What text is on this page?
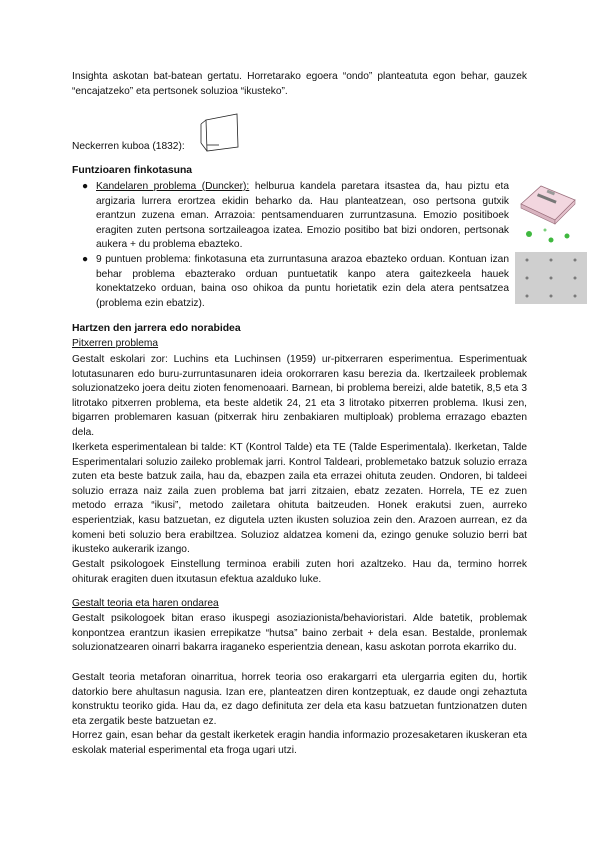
Insighta askotan bat-batean gertatu. Horretarako egoera “ondo” planteatuta egon behar, gauzek “encajatzeko” eta pertsonek soluzioa “ikusteko”.

Neckerren kuboa (1832):

Funtzioaren finkotasuna

● Kandelaren problema (Duncker): helburua kandela paretara itsastea da, hau piztu eta argizaria lurrera erortzea ekidin beharko da. Hau planteatzean, oso pertsona gutxik erantzun zuzena eman. Arrazoia: pentsamenduaren zurruntzasuna. Emozio positiboek eragiten zuten pertsona sortzaileagoa izatea. Emozio positibo bat bizi ondoren, pertsonak aukera + du problema ebazteko.
● 9 puntuen problema: finkotasuna eta zurruntasuna arazoa ebazteko orduan. Kontuan izan behar problema ebazterako orduan puntuetatik kanpo atera gaitezkeela hauek konektatzeko orduan, baina oso ohikoa da puntu horietatik ezin dela atera pentsatzea (problema ezin ebatziz).

Hartzen den jarrera edo norabidea

Pitxerren problema

Gestalt eskolari zor: Luchins eta Luchinsen (1959) ur-pitxerraren esperimentua. Esperimentuak lotutasunaren edo buru-zurruntasunaren ideia orokorraren kasu berezia da. Ikertzaileek problemak soluzionatzeko joera deitu zioten fenomenoaari. Barnean, bi problema bereizi, alde batetik, 8,5 eta 3 litrotako pitxerren problema, eta beste aldetik 24, 21 eta 3 litrotako pitxerren problema. Ikusi zen, bigarren problemaren kasuan (pitxerrak hiru zenbakiaren multiploak) problema errazago ebazten dela.

Ikerketa esperimentalean bi talde: KT (Kontrol Talde) eta TE (Talde Esperimentala). Ikerketan, Talde Esperimentalari soluzio zaileko problemak jarri. Kontrol Taldeari, problemetako batzuk soluzio erraza zuten eta beste batzuk zaila, hau da, ebazpen zaila eta errazei ohituta zeuden. Ondoren, bi taldeei soluzio erraza naiz zaila zuen problema bat jarri zitzaien, ebatz zezaten. Horrela, TE ez zuen metodo erraza “ikusi”, metodo zailetara ohituta baitzeuden. Honek erakutsi zuen, aurreko esperientziak, kasu batzuetan, ez digutela uzten ikusten soluzioa zein den. Arazoen aurrean, ez da komeni beti soluzio bera erabiltzea. Soluzioz aldatzea komeni da, ezingo genuke soluzio berri bat ikusteko aukerarik izango.

Gestalt psikologoek Einstellung terminoa erabili zuten hori azaltzeko. Hau da, termino horrek ohiturak eragiten duen itxutasun efektua azalduko luke.

Gestalt teoria eta haren ondarea

Gestalt psikologoek bitan eraso ikuspegi asoziazionista/behavioristari. Alde batetik, problemak konpontzea erantzun ikasien errepikatze “hutsa” baino zerbait + dela esan. Bestalde, pronlemak soluzionatzearen oinarri bakarra iraganeko esperientzia denean, kasu askotan porrota ekarriko du.

Gestalt teoria metaforan oinarritua, horrek teoria oso erakargarri eta ulergarria egiten du, hortik datorkio bere ahultasun nagusia. Izan ere, planteatzen diren kontzeptuak, ez daude ongi zehaztuta konstruktu teoriko gida. Hau da, ez dago definituta zer dela eta kasu batzuetan funtzionatzen duten eta zergatik beste batzuetan ez.

Horrez gain, esan behar da gestalt ikerketek eragin handia informazio prozesaketaren ikuskeran eta eskolak material esperimental eta froga ugari utzi.
